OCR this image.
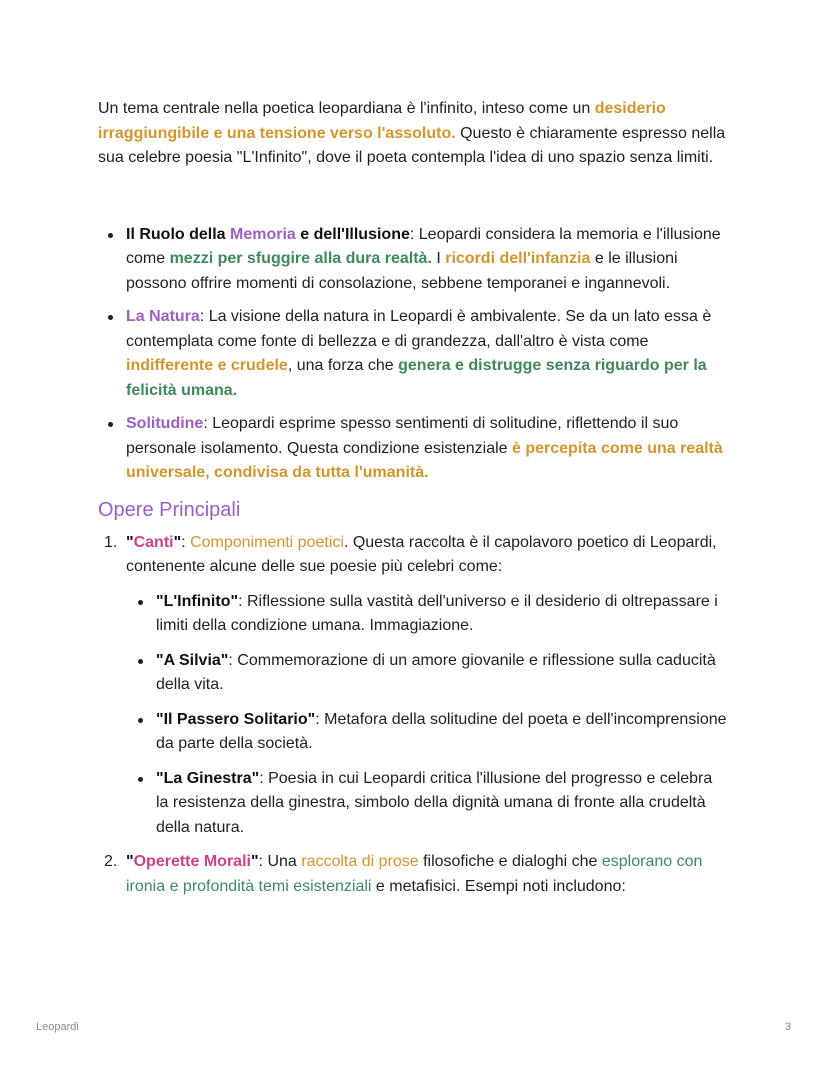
Un tema centrale nella poetica leopardiana è l'infinito, inteso come un desiderio irraggiungibile e una tensione verso l'assoluto. Questo è chiaramente espresso nella sua celebre poesia "L'Infinito", dove il poeta contempla l'idea di uno spazio senza limiti.

Il Ruolo della Memoria e dell'Illusione: Leopardi considera la memoria e l'illusione come mezzi per sfuggire alla dura realtà. I ricordi dell'infanzia e le illusioni possono offrire momenti di consolazione, sebbene temporanei e ingannevoli.
La Natura: La visione della natura in Leopardi è ambivalente. Se da un lato essa è contemplata come fonte di bellezza e di grandezza, dall'altro è vista come indifferente e crudele, una forza che genera e distrugge senza riguardo per la felicità umana.
Solitudine: Leopardi esprime spesso sentimenti di solitudine, riflettendo il suo personale isolamento. Questa condizione esistenziale è percepita come una realtà universale, condivisa da tutta l'umanità.
Opere Principali
1. "Canti": Componimenti poetici. Questa raccolta è il capolavoro poetico di Leopardi, contenente alcune delle sue poesie più celebri come:
"L'Infinito": Riflessione sulla vastità dell'universo e il desiderio di oltrepassare i limiti della condizione umana. Immagiazione.
"A Silvia": Commemorazione di un amore giovanile e riflessione sulla caducità della vita.
"Il Passero Solitario": Metafora della solitudine del poeta e dell'incomprensione da parte della società.
"La Ginestra": Poesia in cui Leopardi critica l'illusione del progresso e celebra la resistenza della ginestra, simbolo della dignità umana di fronte alla crudeltà della natura.
2. "Operette Morali": Una raccolta di prose filosofiche e dialoghi che esplorano con ironia e profondità temi esistenziali e metafisici. Esempi noti includono:
Leopardi	3
